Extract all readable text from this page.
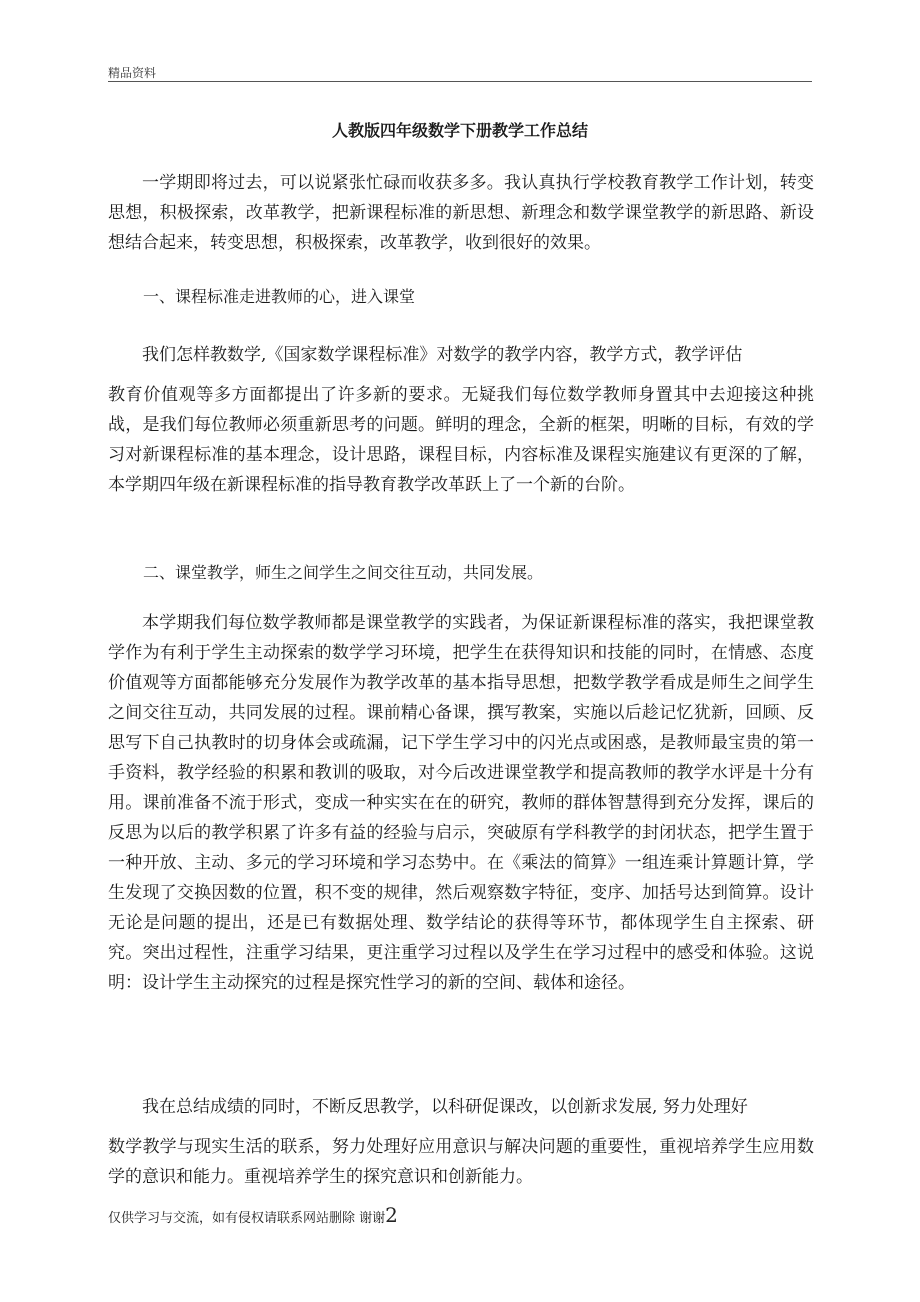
精品资料
人教版四年级数学下册教学工作总结

一学期即将过去，可以说紧张忙碌而收获多多。我认真执行学校教育教学工作计划，转变思想，积极探索，改革教学，把新课程标准的新思想、新理念和数学课堂教学的新思路、新设想结合起来，转变思想，积极探索，改革教学，收到很好的效果。

一、课程标准走进教师的心，进入课堂

我们怎样教数学,《国家数学课程标准》对数学的教学内容，教学方式，教学评估

教育价值观等多方面都提出了许多新的要求。无疑我们每位数学教师身置其中去迎接这种挑战，是我们每位教师必须重新思考的问题。鲜明的理念，全新的框架，明晰的目标，有效的学习对新课程标准的基本理念，设计思路，课程目标，内容标准及课程实施建议有更深的了解，本学期四年级在新课程标准的指导教育教学改革跃上了一个新的台阶。

二、课堂教学，师生之间学生之间交往互动，共同发展。

本学期我们每位数学教师都是课堂教学的实践者，为保证新课程标准的落实，我把课堂教学作为有利于学生主动探索的数学学习环境，把学生在获得知识和技能的同时，在情感、态度价值观等方面都能够充分发展作为教学改革的基本指导思想，把数学教学看成是师生之间学生之间交往互动，共同发展的过程。课前精心备课，撰写教案，实施以后趁记忆犹新，回顾、反思写下自己执教时的切身体会或疏漏，记下学生学习中的闪光点或困惑，是教师最宝贵的第一手资料，教学经验的积累和教训的吸取，对今后改进课堂教学和提高教师的教学水评是十分有用。课前准备不流于形式，变成一种实实在在的研究，教师的群体智慧得到充分发挥，课后的反思为以后的教学积累了许多有益的经验与启示，突破原有学科教学的封闭状态，把学生置于一种开放、主动、多元的学习环境和学习态势中。在《乘法的简算》一组连乘计算题计算，学生发现了交换因数的位置，积不变的规律，然后观察数字特征，变序、加括号达到简算。设计无论是问题的提出，还是已有数据处理、数学结论的获得等环节，都体现学生自主探索、研究。突出过程性，注重学习结果，更注重学习过程以及学生在学习过程中的感受和体验。这说明：设计学生主动探究的过程是探究性学习的新的空间、载体和途径。

我在总结成绩的同时，不断反思教学，以科研促课改，以创新求发展, 努力处理好

数学教学与现实生活的联系，努力处理好应用意识与解决问题的重要性，重视培养学生应用数学的意识和能力。重视培养学生的探究意识和创新能力。

仅供学习与交流，如有侵权请联系网站删除 谢谢2
